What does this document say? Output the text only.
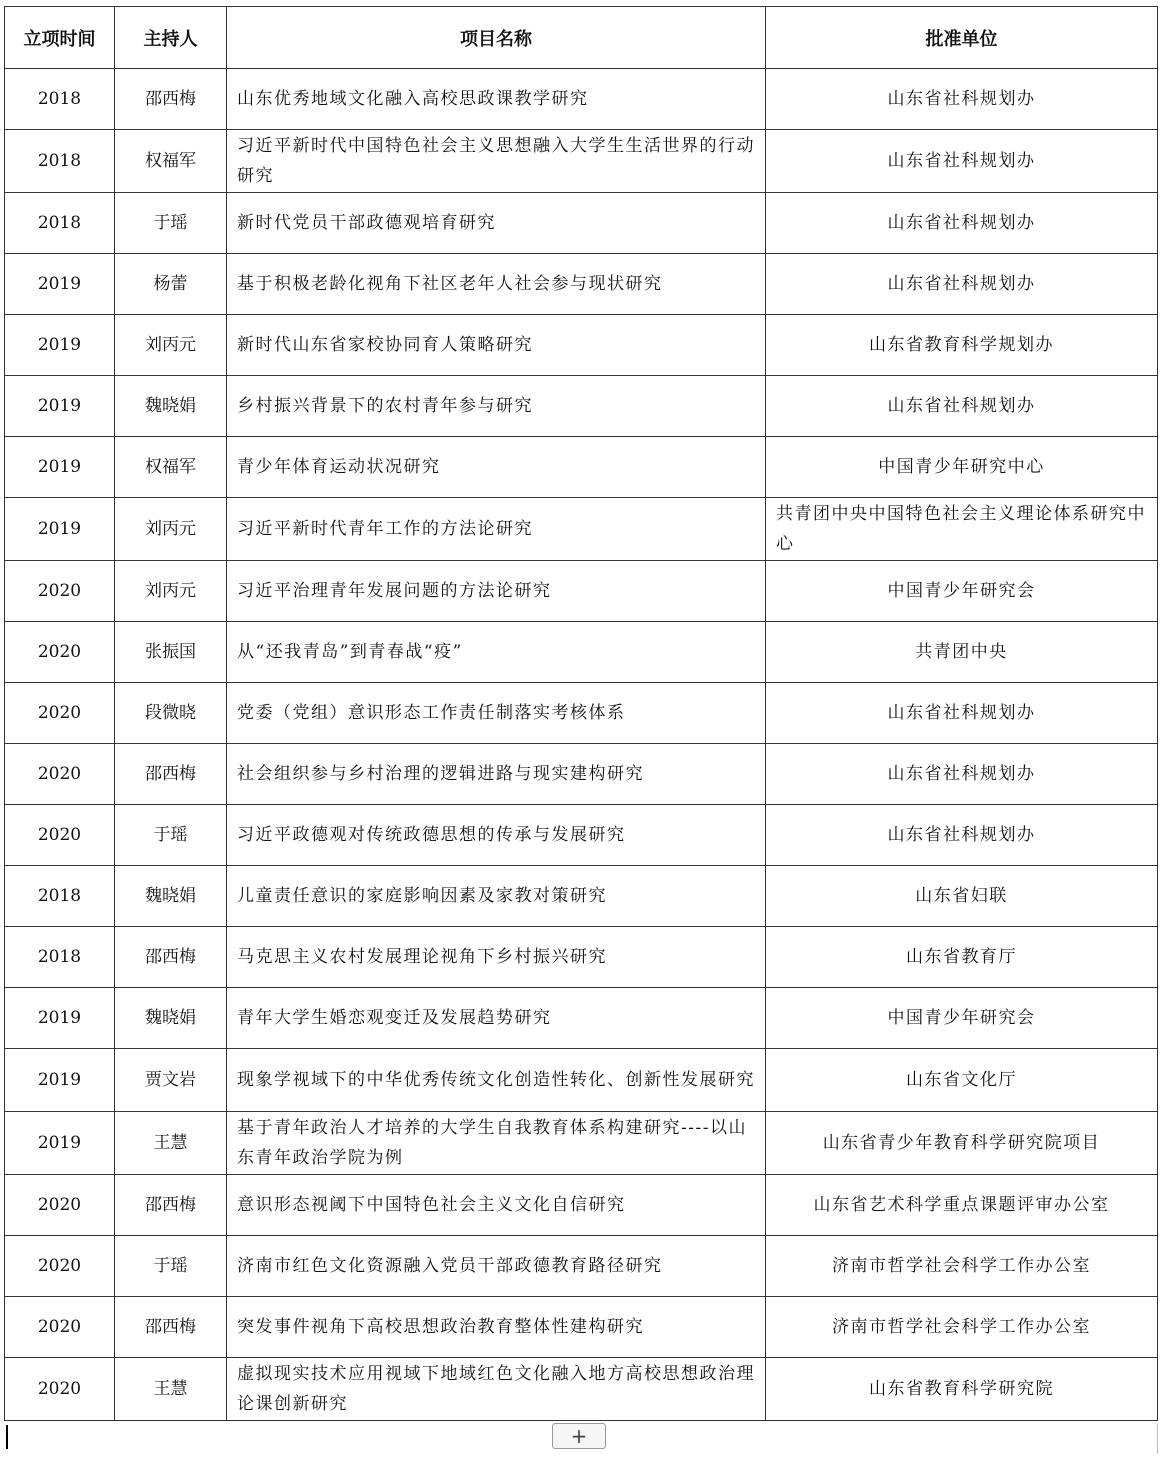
立项时间	主持人	项目名称	批准单位
2018	邵西梅	山东优秀地域文化融入高校思政课教学研究	山东省社科规划办
2018	权福军	习近平新时代中国特色社会主义思想融入大学生生活世界的行动研究	山东省社科规划办
2018	于瑶	新时代党员干部政德观培育研究	山东省社科规划办
2019	杨蕾	基于积极老龄化视角下社区老年人社会参与现状研究	山东省社科规划办
2019	刘丙元	新时代山东省家校协同育人策略研究	山东省教育科学规划办
2019	魏晓娟	乡村振兴背景下的农村青年参与研究	山东省社科规划办
2019	权福军	青少年体育运动状况研究	中国青少年研究中心
2019	刘丙元	习近平新时代青年工作的方法论研究	共青团中央中国特色社会主义理论体系研究中心
2020	刘丙元	习近平治理青年发展问题的方法论研究	中国青少年研究会
2020	张振国	从“还我青岛”到青春战“疫”	共青团中央
2020	段微晓	党委（党组）意识形态工作责任制落实考核体系	山东省社科规划办
2020	邵西梅	社会组织参与乡村治理的逻辑进路与现实建构研究	山东省社科规划办
2020	于瑶	习近平政德观对传统政德思想的传承与发展研究	山东省社科规划办
2018	魏晓娟	儿童责任意识的家庭影响因素及家教对策研究	山东省妇联
2018	邵西梅	马克思主义农村发展理论视角下乡村振兴研究	山东省教育厅
2019	魏晓娟	青年大学生婚恋观变迁及发展趋势研究	中国青少年研究会
2019	贾文岩	现象学视域下的中华优秀传统文化创造性转化、创新性发展研究	山东省文化厅
2019	王慧	基于青年政治人才培养的大学生自我教育体系构建研究----以山东青年政治学院为例	山东省青少年教育科学研究院项目
2020	邵西梅	意识形态视阈下中国特色社会主义文化自信研究	山东省艺术科学重点课题评审办公室
2020	于瑶	济南市红色文化资源融入党员干部政德教育路径研究	济南市哲学社会科学工作办公室
2020	邵西梅	突发事件视角下高校思想政治教育整体性建构研究	济南市哲学社会科学工作办公室
2020	王慧	虚拟现实技术应用视域下地域红色文化融入地方高校思想政治理论课创新研究	山东省教育科学研究院
+
